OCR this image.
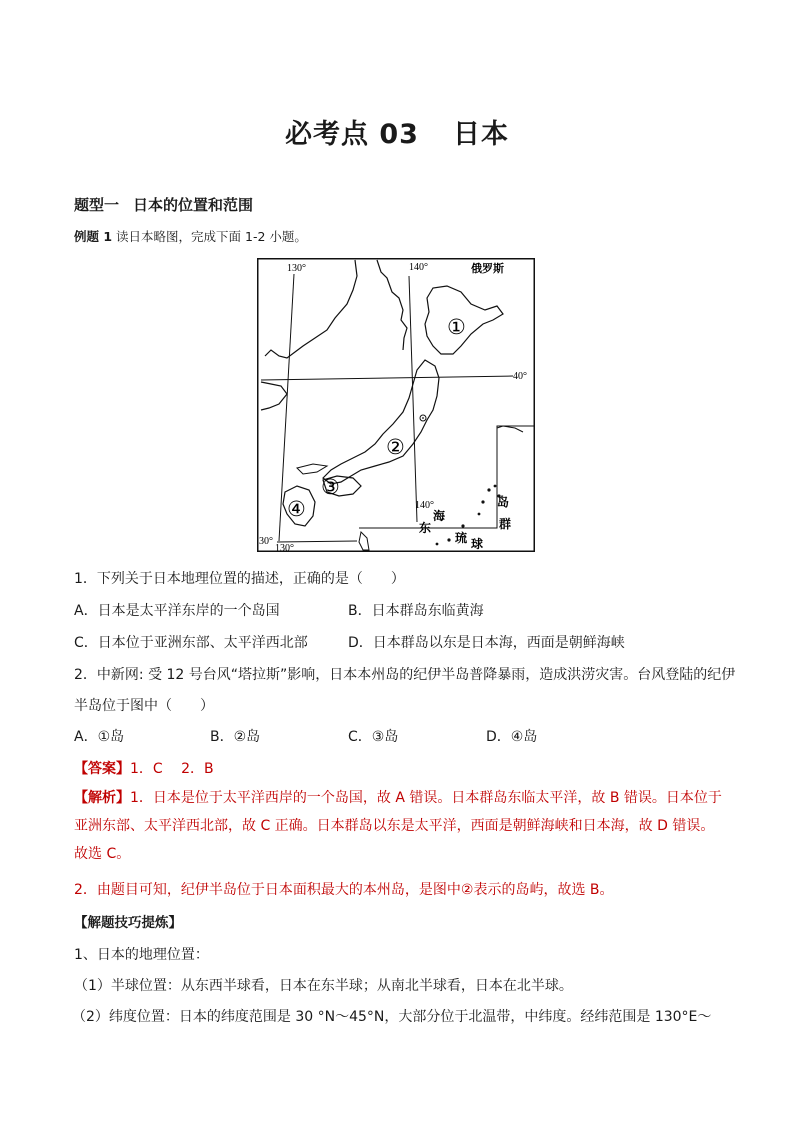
必考点 03 日本
题型一 日本的位置和范围
例题 1 读日本略图，完成下面 1-2 小题。
130°	140°
40°
140°
30°
130°
俄罗斯
东
海
琉 球
岛
群
①
②
③
④
1．下列关于日本地理位置的描述，正确的是（　　）
A．日本是太平洋东岸的一个岛国	B．日本群岛东临黄海
C．日本位于亚洲东部、太平洋西北部	D．日本群岛以东是日本海，西面是朝鲜海峡
2．中新网: 受 12 号台风“塔拉斯”影响，日本本州岛的纪伊半岛普降暴雨，造成洪涝灾害。台风登陆的纪伊
半岛位于图中（　　）
A．①岛	B．②岛	C．③岛	D．④岛
【答案】1．C　 2．B
【解析】1．日本是位于太平洋西岸的一个岛国，故 A 错误。日本群岛东临太平洋，故 B 错误。日本位于亚洲东部、太平洋西北部，故 C 正确。日本群岛以东是太平洋，西面是朝鲜海峡和日本海，故 D 错误。故选 C。
2．由题目可知，纪伊半岛位于日本面积最大的本州岛，是图中②表示的岛屿，故选 B。
【解题技巧提炼】
1、日本的地理位置：
（1）半球位置：从东西半球看，日本在东半球；从南北半球看，日本在北半球。
（2）纬度位置：日本的纬度范围是 30 °N～45°N，大部分位于北温带，中纬度。经纬范围是 130°E～
